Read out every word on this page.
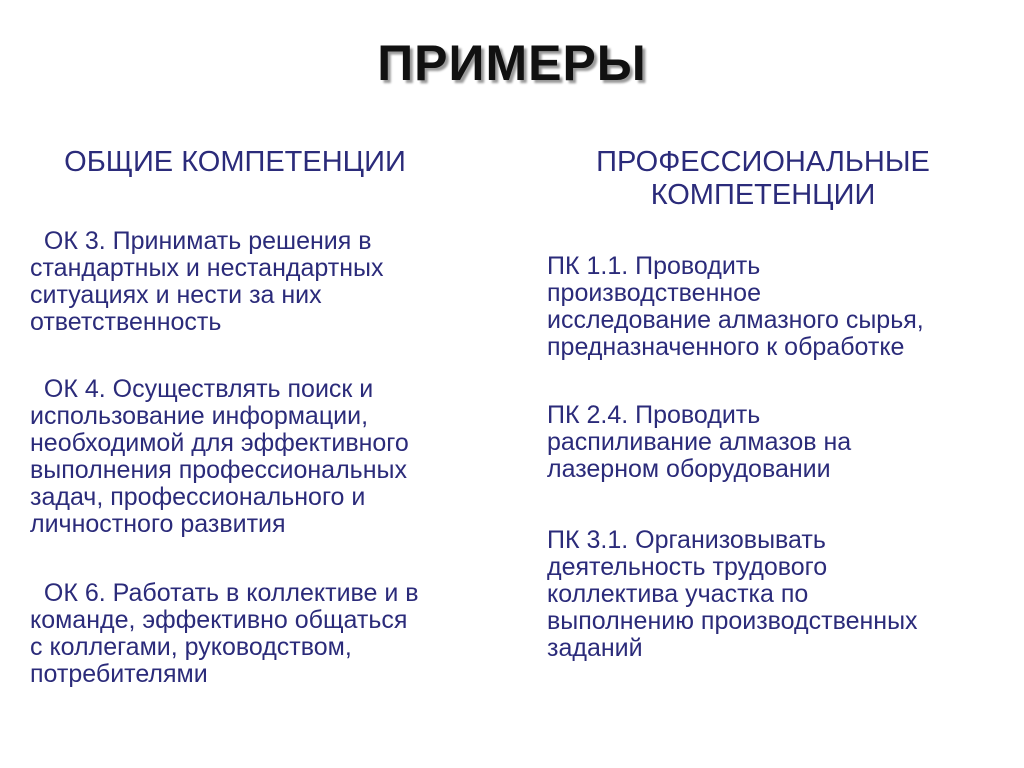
ПРИМЕРЫ
ОБЩИЕ КОМПЕТЕНЦИИ	ПРОФЕССИОНАЛЬНЫЕ
КОМПЕТЕНЦИИ

ОК 3. Принимать решения в
стандартных и нестандартных
ситуациях и нести за них
ответственность

ОК 4. Осуществлять поиск и
использование информации,
необходимой для эффективного
выполнения профессиональных
задач, профессионального и
личностного развития

ОК 6. Работать в коллективе и в
команде, эффективно общаться
с коллегами, руководством,
потребителями

ПК 1.1. Проводить
производственное
исследование алмазного сырья,
предназначенного к обработке

ПК 2.4. Проводить
распиливание алмазов на
лазерном оборудовании

ПК 3.1. Организовывать
деятельность трудового
коллектива участка по
выполнению производственных
заданий
